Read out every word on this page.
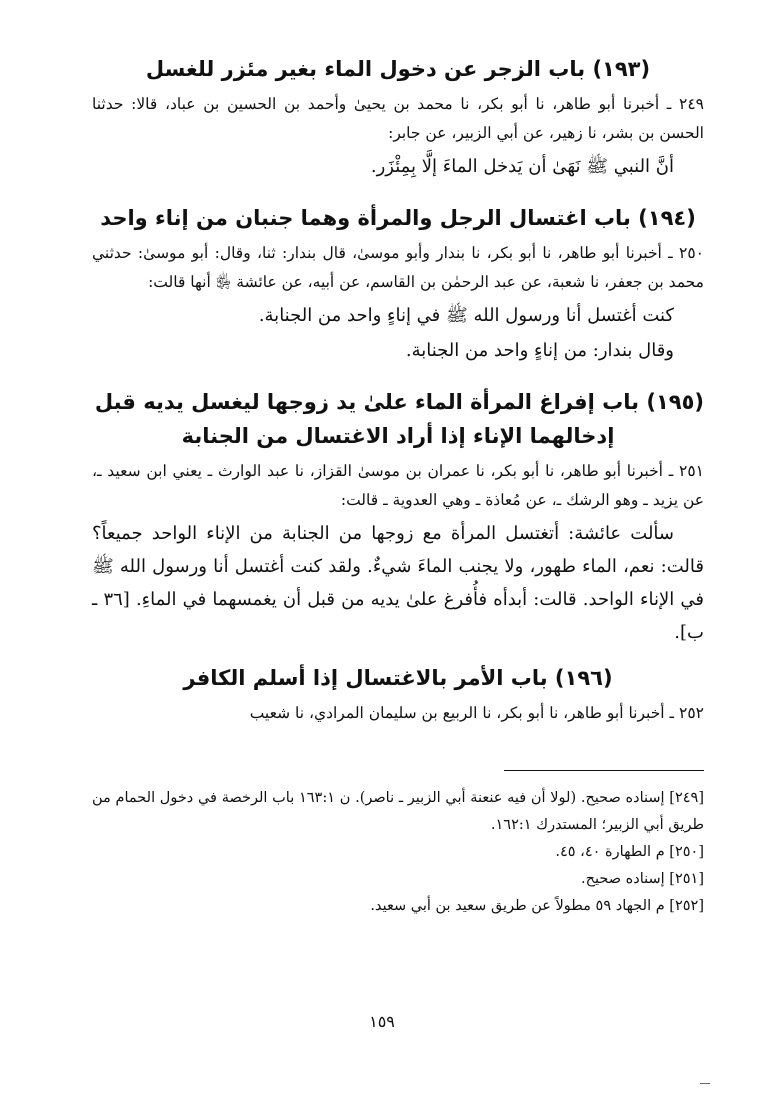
(١٩٣) باب الزجر عن دخول الماء بغير مئزر للغسل

٢٤٩ ـ أخبرنا أبو طاهر، نا أبو بكر، نا محمد بن يحيىٰ وأحمد بن الحسين بن عباد، قالا: حدثنا الحسن بن بشر، نا زهير، عن أبي الزبير، عن جابر:

أنَّ النبي ﷺ نَهَىٰ أن يَدخل الماءَ إلَّا بِمِئْزَر.

(١٩٤) باب اغتسال الرجل والمرأة وهما جنبان من إناء واحد

٢٥٠ ـ أخبرنا أبو طاهر، نا أبو بكر، نا بندار وأبو موسىٰ، قال بندار: ثنا، وقال: أبو موسىٰ: حدثني محمد بن جعفر، نا شعبة، عن عبد الرحمٰن بن القاسم، عن أبيه، عن عائشة ﵂ أنها قالت:

كنت أغتسل أنا ورسول الله ﷺ في إناءٍ واحد من الجنابة.

وقال بندار: من إناءٍ واحد من الجنابة.

(١٩٥) باب إفراغ المرأة الماء علىٰ يد زوجها ليغسل يديه قبل إدخالهما الإناء إذا أراد الاغتسال من الجنابة

٢٥١ ـ أخبرنا أبو طاهر، نا أبو بكر، نا عمران بن موسىٰ القزاز، نا عبد الوارث ـ يعني ابن سعيد ـ، عن يزيد ـ وهو الرشك ـ، عن مُعاذة ـ وهي العدوية ـ قالت:

سألت عائشة: أتغتسل المرأة مع زوجها من الجنابة من الإناء الواحد جميعاً؟ قالت: نعم، الماء طهور، ولا يجنب الماءَ شيءٌ. ولقد كنت أغتسل أنا ورسول الله ﷺ في الإناء الواحد. قالت: أبدأه فأُفرغ علىٰ يديه من قبل أن يغمسهما في الماءِ. [٣٦ ـ ب].

(١٩٦) باب الأمر بالاغتسال إذا أسلم الكافر

٢٥٢ ـ أخبرنا أبو طاهر، نا أبو بكر، نا الربيع بن سليمان المرادي، نا شعيب

[٢٤٩] إسناده صحيح. (لولا أن فيه عنعنة أبي الزبير ـ ناصر). ن ١٦٣:١ باب الرخصة في دخول الحمام من طريق أبي الزبير؛ المستدرك ١٦٢:١.

[٢٥٠] م الطهارة ٤٠، ٤٥.

[٢٥١] إسناده صحيح.

[٢٥٢] م الجهاد ٥٩ مطولاً عن طريق سعيد بن أبي سعيد.

١٥٩
